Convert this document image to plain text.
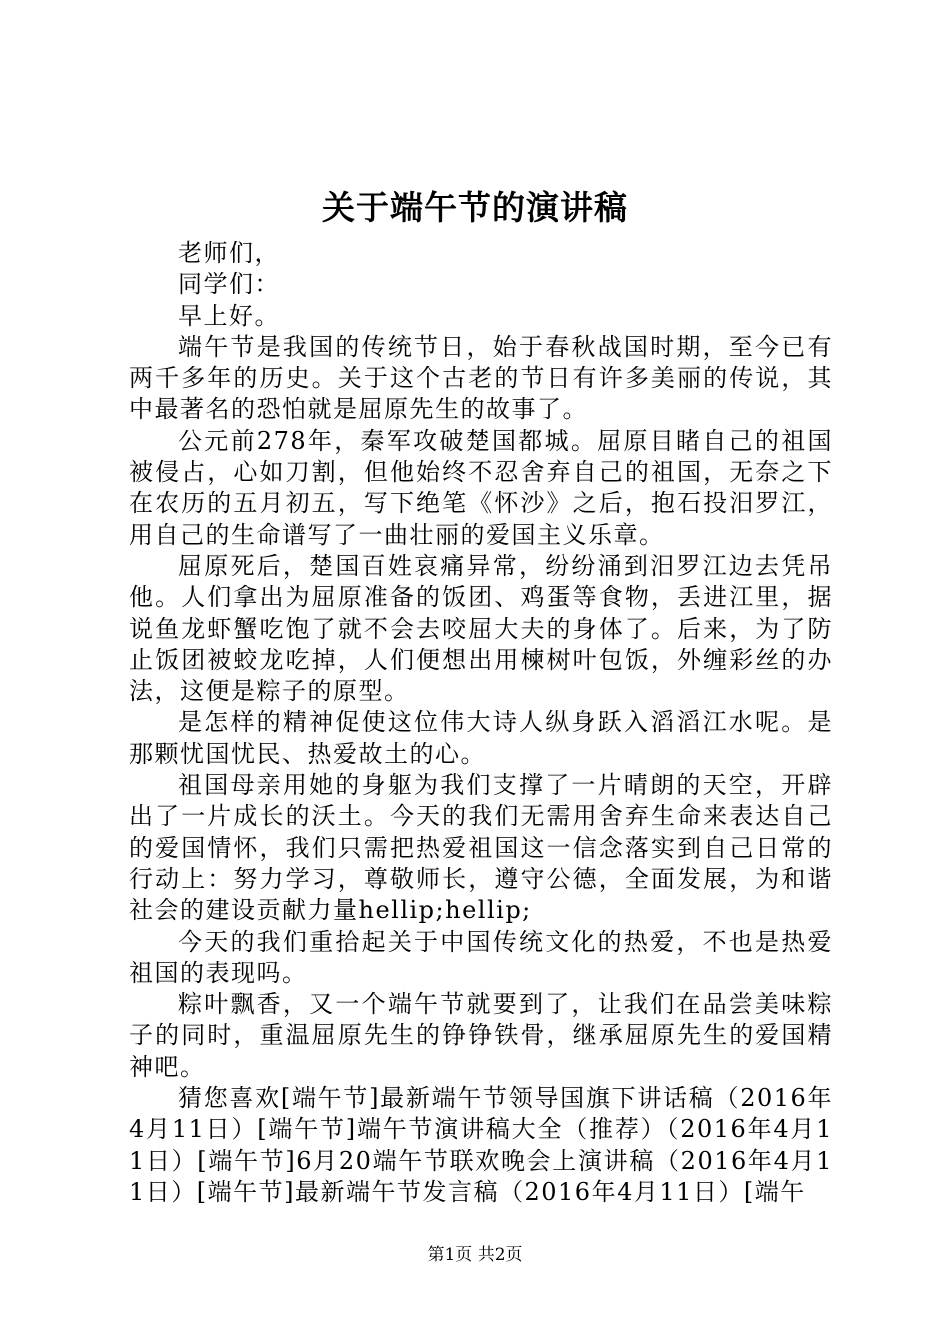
关于端午节的演讲稿

老师们，

同学们：

早上好。

端午节是我国的传统节日，始于春秋战国时期，至今已有两千多年的历史。关于这个古老的节日有许多美丽的传说，其中最著名的恐怕就是屈原先生的故事了。

公元前278年，秦军攻破楚国都城。屈原目睹自己的祖国被侵占，心如刀割，但他始终不忍舍弃自己的祖国，无奈之下在农历的五月初五，写下绝笔《怀沙》之后，抱石投汨罗江，用自己的生命谱写了一曲壮丽的爱国主义乐章。

屈原死后，楚国百姓哀痛异常，纷纷涌到汨罗江边去凭吊他。人们拿出为屈原准备的饭团、鸡蛋等食物，丢进江里，据说鱼龙虾蟹吃饱了就不会去咬屈大夫的身体了。后来，为了防止饭团被蛟龙吃掉，人们便想出用楝树叶包饭，外缠彩丝的办法，这便是粽子的原型。

是怎样的精神促使这位伟大诗人纵身跃入滔滔江水呢。是那颗忧国忧民、热爱故土的心。

祖国母亲用她的身躯为我们支撑了一片晴朗的天空，开辟出了一片成长的沃土。今天的我们无需用舍弃生命来表达自己的爱国情怀，我们只需把热爱祖国这一信念落实到自己日常的行动上：努力学习，尊敬师长，遵守公德，全面发展，为和谐社会的建设贡献力量hellip;hellip;

今天的我们重拾起关于中国传统文化的热爱，不也是热爱祖国的表现吗。

粽叶飘香，又一个端午节就要到了，让我们在品尝美味粽子的同时，重温屈原先生的铮铮铁骨，继承屈原先生的爱国精神吧。

猜您喜欢[端午节]最新端午节领导国旗下讲话稿（2016年4月11日）[端午节]端午节演讲稿大全（推荐）（2016年4月11日）[端午节]6月20端午节联欢晚会上演讲稿（2016年4月11日）[端午节]最新端午节发言稿（2016年4月11日）[端午

第1页 共2页
